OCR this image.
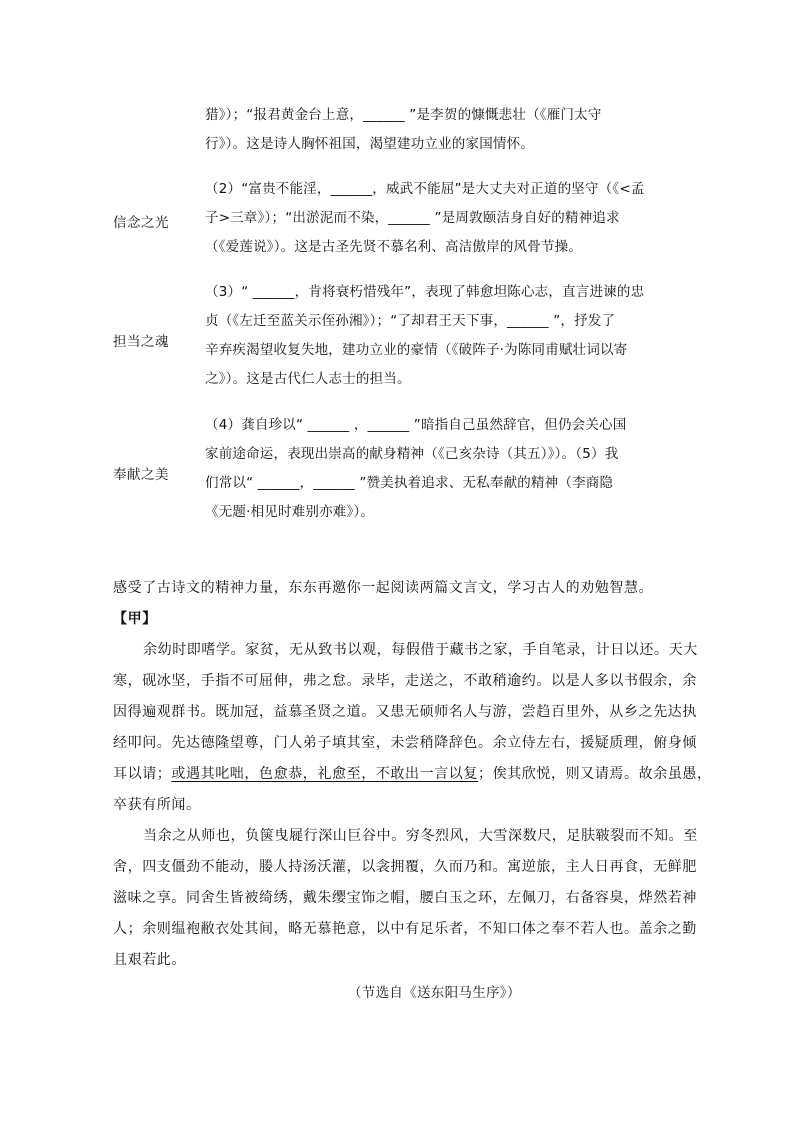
猎》）；“报君黄金台上意，______ ”是李贺的慷慨悲壮（《雁门太守
行》）。这是诗人胸怀祖国，渴望建功立业的家国情怀。
信念之光
（2）“富贵不能淫，______，威武不能屈”是大丈夫对正道的坚守（《<孟
子>三章》）；“出淤泥而不染，______ ”是周敦颐洁身自好的精神追求
（《爱莲说》）。这是古圣先贤不慕名利、高洁傲岸的风骨节操。
担当之魂
（3）“ ______，肯将衰朽惜残年”，表现了韩愈坦陈心志，直言进谏的忠
贞（《左迁至蓝关示侄孙湘》）；“了却君王天下事，______ ”，抒发了
辛弃疾渴望收复失地，建功立业的豪情（《破阵子·为陈同甫赋壮词以寄
之》）。这是古代仁人志士的担当。
奉献之美
（4）龚自珍以“ ______ ，______ ”暗指自己虽然辞官，但仍会关心国
家前途命运，表现出崇高的献身精神（《己亥杂诗（其五）》）。（5）我
们常以“ ______，______ ”赞美执着追求、无私奉献的精神（李商隐
《无题·相见时难别亦难》）。
感受了古诗文的精神力量，东东再邀你一起阅读两篇文言文，学习古人的劝勉智慧。
【甲】
余幼时即嗜学。家贫，无从致书以观，每假借于藏书之家，手自笔录，计日以还。天大
寒，砚冰坚，手指不可屈伸，弗之怠。录毕，走送之，不敢稍逾约。以是人多以书假余，余
因得遍观群书。既加冠，益慕圣贤之道。又患无硕师名人与游，尝趋百里外，从乡之先达执
经叩问。先达德隆望尊，门人弟子填其室，未尝稍降辞色。余立侍左右，援疑质理，俯身倾
耳以请；或遇其叱咄，色愈恭，礼愈至，不敢出一言以复；俟其欣悦，则又请焉。故余虽愚，
卒获有所闻。
当余之从师也，负箧曳屣行深山巨谷中。穷冬烈风，大雪深数尺，足肤皲裂而不知。至
舍，四支僵劲不能动，媵人持汤沃灌，以衾拥覆，久而乃和。寓逆旅，主人日再食，无鲜肥
滋味之享。同舍生皆被绮绣，戴朱缨宝饰之帽，腰白玉之环，左佩刀，右备容臭，烨然若神
人；余则缊袍敝衣处其间，略无慕艳意，以中有足乐者，不知口体之奉不若人也。盖余之勤
且艰若此。
（节选自《送东阳马生序》）
